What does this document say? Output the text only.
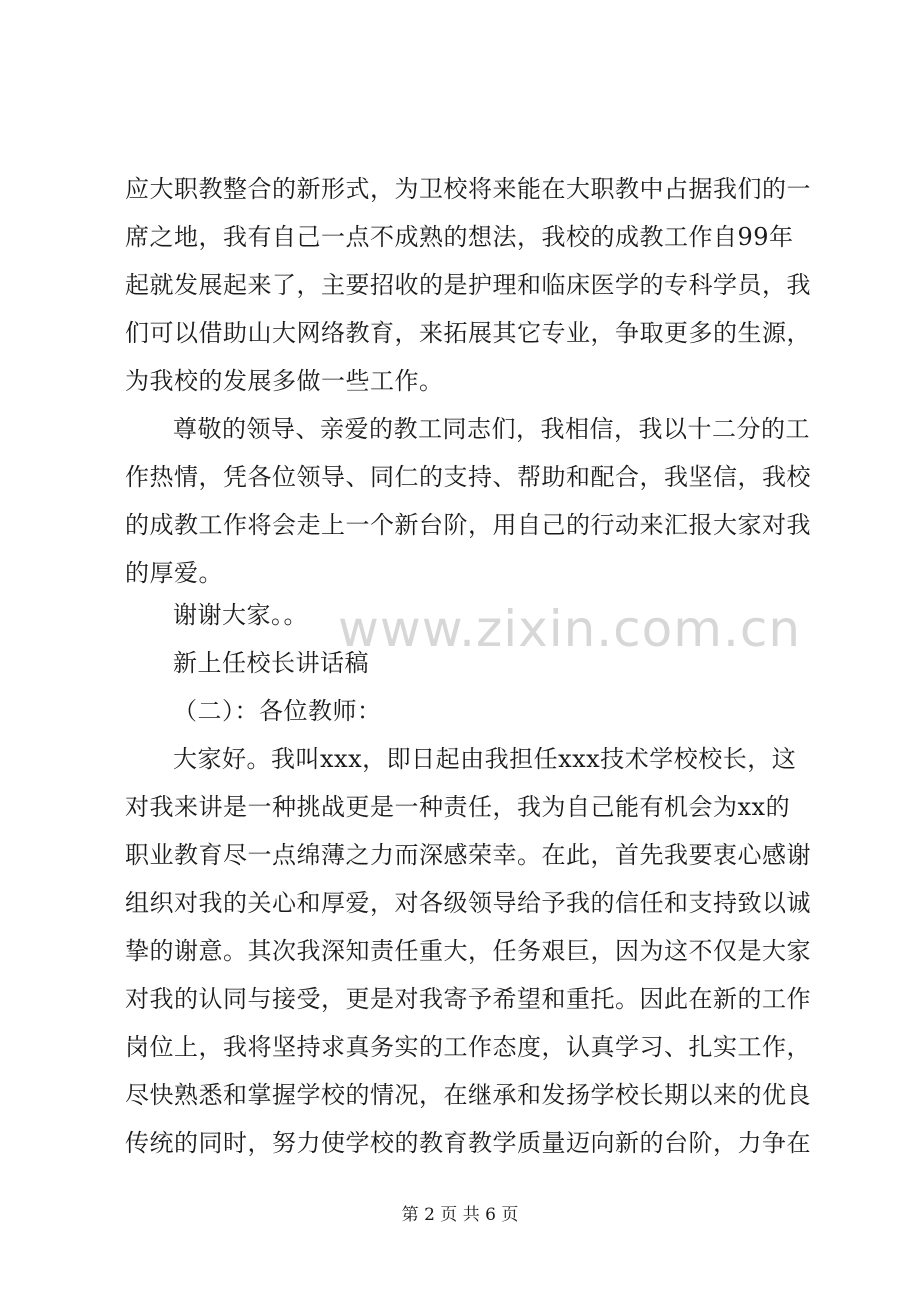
应大职教整合的新形式，为卫校将来能在大职教中占据我们的一
席之地，我有自己一点不成熟的想法，我校的成教工作自99年
起就发展起来了，主要招收的是护理和临床医学的专科学员，我
们可以借助山大网络教育，来拓展其它专业，争取更多的生源，
为我校的发展多做一些工作。
尊敬的领导、亲爱的教工同志们，我相信，我以十二分的工
作热情，凭各位领导、同仁的支持、帮助和配合，我坚信，我校
的成教工作将会走上一个新台阶，用自己的行动来汇报大家对我
的厚爱。
谢谢大家。。
新上任校长讲话稿
（二）：各位教师：
大家好。我叫xxx，即日起由我担任xxx技术学校校长，这
对我来讲是一种挑战更是一种责任，我为自己能有机会为xx的
职业教育尽一点绵薄之力而深感荣幸。在此，首先我要衷心感谢
组织对我的关心和厚爱，对各级领导给予我的信任和支持致以诚
挚的谢意。其次我深知责任重大，任务艰巨，因为这不仅是大家
对我的认同与接受，更是对我寄予希望和重托。因此在新的工作
岗位上，我将坚持求真务实的工作态度，认真学习、扎实工作，
尽快熟悉和掌握学校的情况，在继承和发扬学校长期以来的优良
传统的同时，努力使学校的教育教学质量迈向新的台阶，力争在
www.zixin.com.cn
第 2 页 共 6 页
